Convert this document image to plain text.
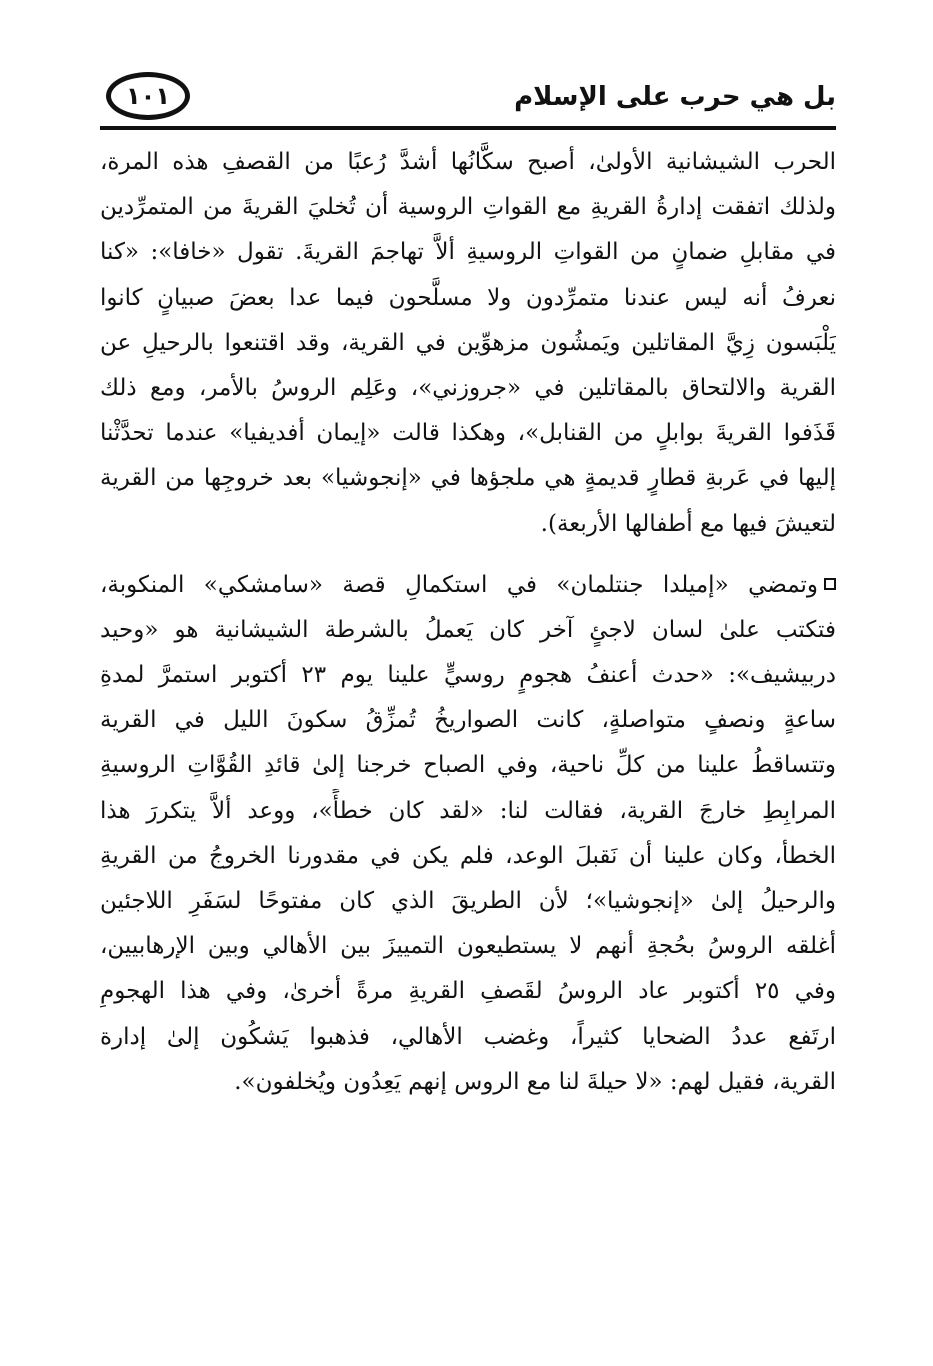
١٠١	بل هي حرب على الإسلام
الحرب الشيشانية الأولىٰ، أصبح سكَّانُها أشدَّ رُعبًا من القصفِ هذه المرة،
ولذلك اتفقت إدارةُ القريةِ مع القواتِ الروسية أن تُخليَ القريةَ من المتمرِّدين
في مقابلِ ضمانٍ من القواتِ الروسيةِ ألاَّ تهاجمَ القريةَ. تقول «خافا»: «كنا
نعرفُ أنه ليس عندنا متمرِّدون ولا مسلَّحون فيما عدا بعضَ صبيانٍ كانوا
يَلْبَسون زِيَّ المقاتلين ويَمشُون مزهوِّين في القرية، وقد اقتنعوا بالرحيلِ عن
القرية والالتحاق بالمقاتلين في «جروزني»، وعَلِم الروسُ بالأمر، ومع ذلك
قَذَفوا القريةَ بوابلٍ من القنابل»، وهكذا قالت «إيمان أفديفيا» عندما تحدَّثْنا
إليها في عَربةِ قطارٍ قديمةٍ هي ملجؤها في «إنجوشيا» بعد خروجِها من القرية
لتعيشَ فيها مع أطفالها الأربعة).
وتمضي «إميلدا جنتلمان» في استكمالِ قصة «سامشكي» المنكوبة،
فتكتب علىٰ لسان لاجئٍ آخر كان يَعملُ بالشرطة الشيشانية هو «وحيد
دربيشيف»: «حدث أعنفُ هجومٍ روسيٍّ علينا يوم ٢٣ أكتوبر استمرَّ لمدةِ
ساعةٍ ونصفٍ متواصلةٍ، كانت الصواريخُ تُمزِّقُ سكونَ الليل في القرية
وتتساقطُ علينا من كلِّ ناحية، وفي الصباح خرجنا إلىٰ قائدِ القُوَّاتِ الروسيةِ
المرابِطِ خارجَ القرية، فقالت لنا: «لقد كان خطأً»، ووعد ألاَّ يتكررَ هذا
الخطأ، وكان علينا أن نَقبلَ الوعد، فلم يكن في مقدورنا الخروجُ من القريةِ
والرحيلُ إلىٰ «إنجوشيا»؛ لأن الطريقَ الذي كان مفتوحًا لسَفَرِ اللاجئين
أغلقه الروسُ بحُجةِ أنهم لا يستطيعون التمييزَ بين الأهالي وبين الإرهابيين،
وفي ٢٥ أكتوبر عاد الروسُ لقَصفِ القريةِ مرةً أخرىٰ، وفي هذا الهجومِ
ارتَفع عددُ الضحايا كثيراً، وغضب الأهالي، فذهبوا يَشكُون إلىٰ إدارة
القرية، فقيل لهم: «لا حيلةَ لنا مع الروس إنهم يَعِدُون ويُخلفون».
